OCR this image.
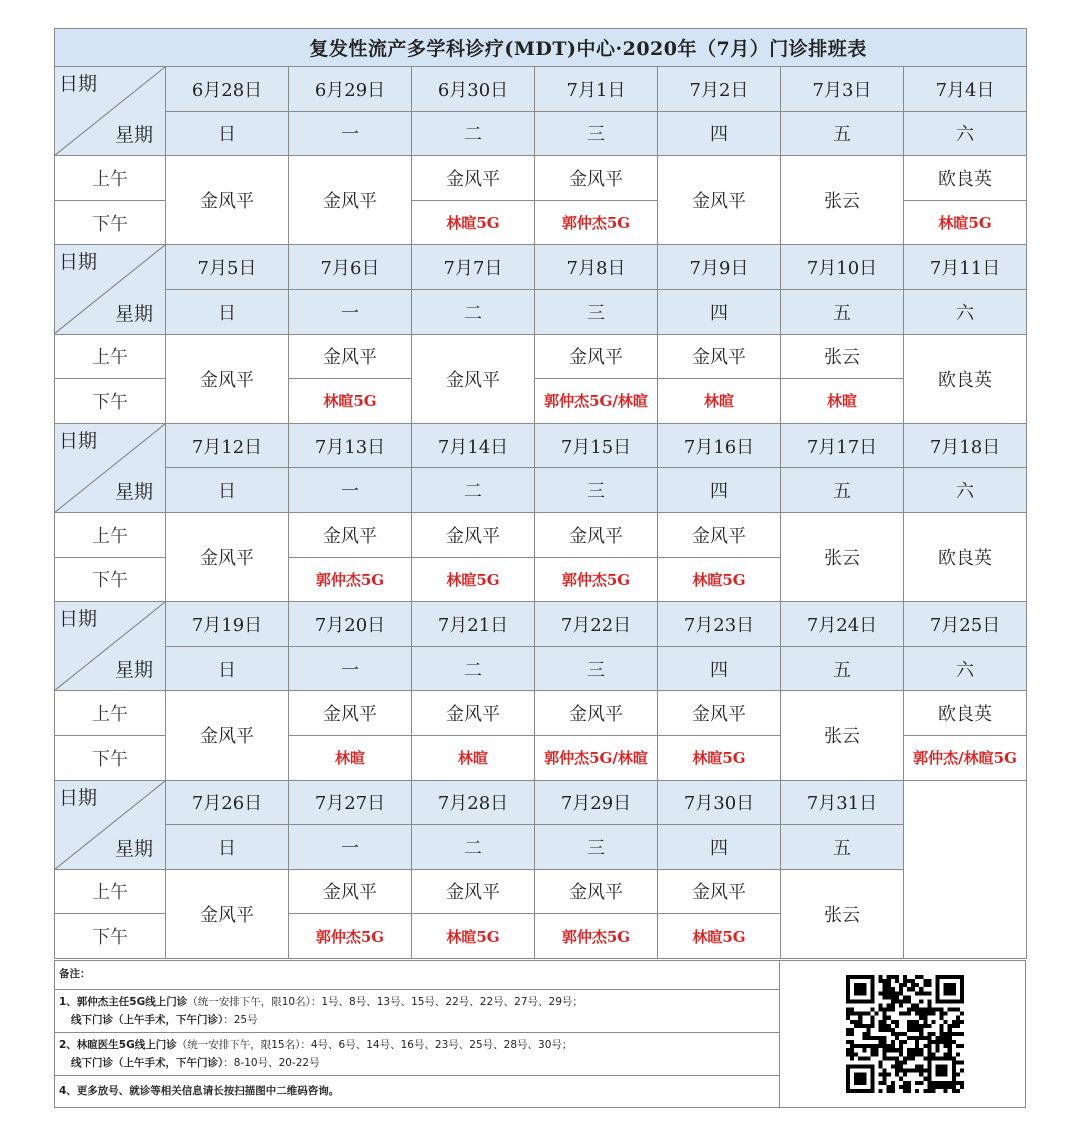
复发性流产多学科诊疗(MDT)中心·2020年（7月）门诊排班表							

日期
星期	6月28日	6月29日	6月30日	7月1日	7月2日	7月3日	7月4日
	日	一	二	三	四	五	六
上午	金风平	金风平	金风平	金风平	金风平	张云	欧良英
下午			林暄5G	郭仲杰5G			林暄5G

日期
星期	7月5日	7月6日	7月7日	7月8日	7月9日	7月10日	7月11日
	日	一	二	三	四	五	六
上午	金风平	金风平	金风平	金风平	金风平	张云	欧良英
下午		林暄5G		郭仲杰5G/林暄	林暄	林暄	

日期
星期	7月12日	7月13日	7月14日	7月15日	7月16日	7月17日	7月18日
	日	一	二	三	四	五	六
上午	金风平	金风平	金风平	金风平	金风平	张云	欧良英
下午		郭仲杰5G	林暄5G	郭仲杰5G	林暄5G		

日期
星期	7月19日	7月20日	7月21日	7月22日	7月23日	7月24日	7月25日
	日	一	二	三	四	五	六
上午	金风平	金风平	金风平	金风平	金风平	张云	欧良英
下午		林暄	林暄	郭仲杰5G/林暄	林暄5G		郭仲杰/林暄5G

日期
星期	7月26日	7月27日	7月28日	7月29日	7月30日	7月31日	
	日	一	二	三	四	五	
上午	金风平	金风平	金风平	金风平	金风平	张云	
下午		郭仲杰5G	林暄5G	郭仲杰5G	林暄5G		
备注：
1、郭仲杰主任5G线上门诊（统一安排下午，限10名）：1号、8号、13号、15号、22号、22号、27号、29号；
线下门诊（上午手术，下午门诊）：25号
2、林暄医生5G线上门诊（统一安排下午，限15名）：4号、6号、14号、16号、23号、25号、28号、30号；
线下门诊（上午手术，下午门诊）：8-10号、20-22号
4、更多放号、就诊等相关信息请长按扫描图中二维码咨询。
